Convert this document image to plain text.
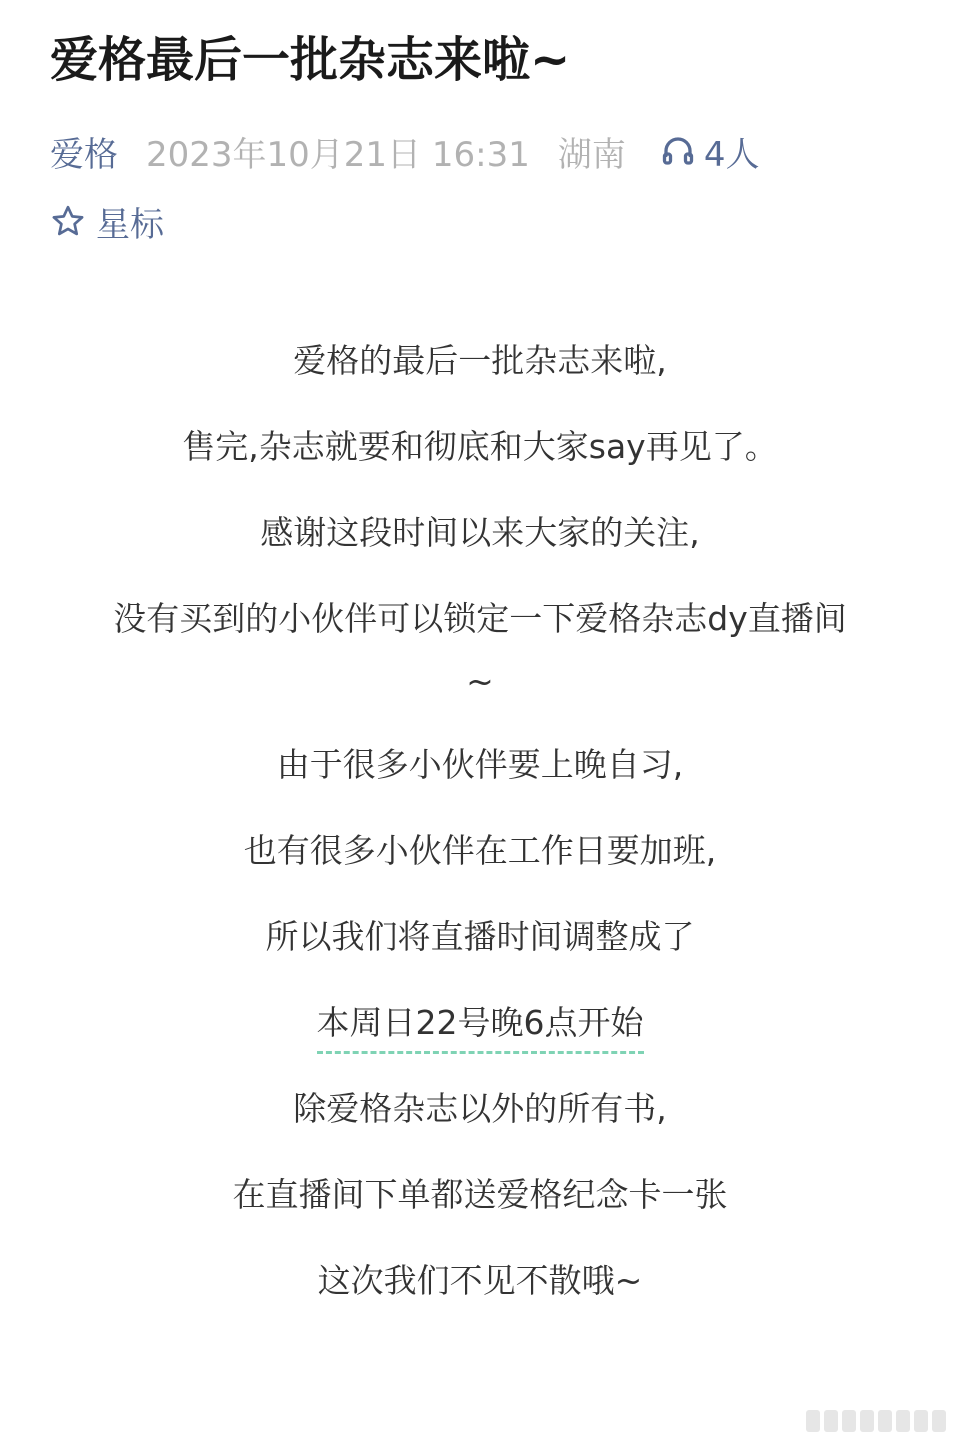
爱格最后一批杂志来啦~
爱格 2023年10月21日 16:31 湖南 4人
星标

爱格的最后一批杂志来啦,

售完,杂志就要和彻底和大家say再见了。

感谢这段时间以来大家的关注,

没有买到的小伙伴可以锁定一下爱格杂志dy直播间

~

由于很多小伙伴要上晚自习,

也有很多小伙伴在工作日要加班,

所以我们将直播时间调整成了

本周日22号晚6点开始

除爱格杂志以外的所有书,

在直播间下单都送爱格纪念卡一张

这次我们不见不散哦~
